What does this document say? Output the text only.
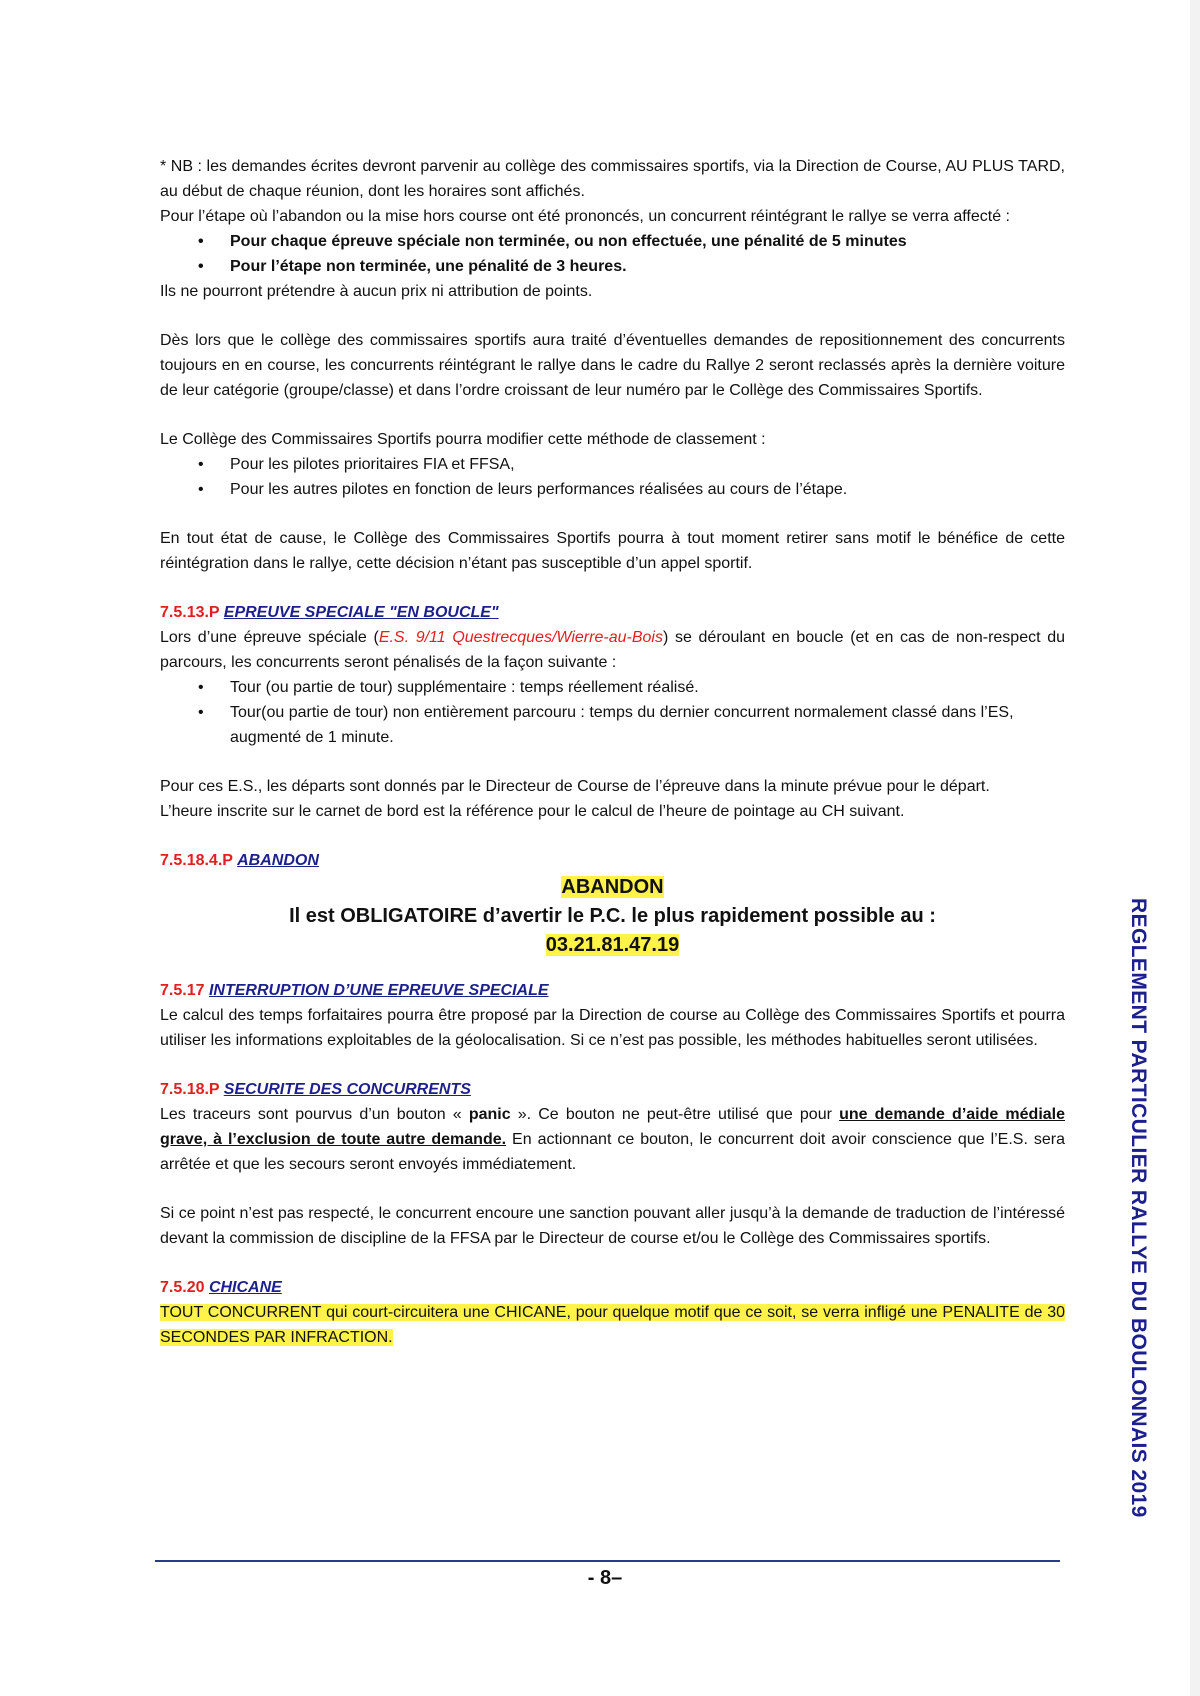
* NB : les demandes écrites devront parvenir au collège des commissaires sportifs, via la Direction de Course, AU PLUS TARD, au début de chaque réunion, dont les horaires sont affichés.

Pour l’étape où l’abandon ou la mise hors course ont été prononcés, un concurrent réintégrant le rallye se verra affecté :

• Pour chaque épreuve spéciale non terminée, ou non effectuée, une pénalité de 5 minutes
• Pour l’étape non terminée, une pénalité de 3 heures.

Ils ne pourront prétendre à aucun prix ni attribution de points.

Dès lors que le collège des commissaires sportifs aura traité d’éventuelles demandes de repositionnement des concurrents toujours en en course, les concurrents réintégrant le rallye dans le cadre du Rallye 2 seront reclassés après la dernière voiture de leur catégorie (groupe/classe) et dans l’ordre croissant de leur numéro par le Collège des Commissaires Sportifs.

Le Collège des Commissaires Sportifs pourra modifier cette méthode de classement :

• Pour les pilotes prioritaires FIA et FFSA,
• Pour les autres pilotes en fonction de leurs performances réalisées au cours de l’étape.

En tout état de cause, le Collège des Commissaires Sportifs pourra à tout moment retirer sans motif le bénéfice de cette réintégration dans le rallye, cette décision n’étant pas susceptible d’un appel sportif.

7.5.13.P EPREUVE SPECIALE "EN BOUCLE"

Lors d’une épreuve spéciale (E.S. 9/11 Questrecques/Wierre-au-Bois) se déroulant en boucle (et en cas de non-respect du parcours, les concurrents seront pénalisés de la façon suivante :

• Tour (ou partie de tour) supplémentaire : temps réellement réalisé.
• Tour(ou partie de tour) non entièrement parcouru : temps du dernier concurrent normalement classé dans l’ES, augmenté de 1 minute.

Pour ces E.S., les départs sont donnés par le Directeur de Course de l’épreuve dans la minute prévue pour le départ.

L’heure inscrite sur le carnet de bord est la référence pour le calcul de l’heure de pointage au CH suivant.

7.5.18.4.P ABANDON

ABANDON
Il est OBLIGATOIRE d’avertir le P.C. le plus rapidement possible au :
03.21.81.47.19

7.5.17 INTERRUPTION D’UNE EPREUVE SPECIALE

Le calcul des temps forfaitaires pourra être proposé par la Direction de course au Collège des Commissaires Sportifs et pourra utiliser les informations exploitables de la géolocalisation. Si ce n’est pas possible, les méthodes habituelles seront utilisées.

7.5.18.P SECURITE DES CONCURRENTS

Les traceurs sont pourvus d’un bouton « panic ». Ce bouton ne peut-être utilisé que pour une demande d’aide médiale grave, à l’exclusion de toute autre demande. En actionnant ce bouton, le concurrent doit avoir conscience que l’E.S. sera arrêtée et que les secours seront envoyés immédiatement.

Si ce point n’est pas respecté, le concurrent encoure une sanction pouvant aller jusqu’à la demande de traduction de l’intéressé devant la commission de discipline de la FFSA par le Directeur de course et/ou le Collège des Commissaires sportifs.

7.5.20 CHICANE

TOUT CONCURRENT qui court-circuitera une CHICANE, pour quelque motif que ce soit, se verra infligé une PENALITE de 30 SECONDES PAR INFRACTION.

- 8–
REGLEMENT PARTICULIER RALLYE DU BOULONNAIS 2019
